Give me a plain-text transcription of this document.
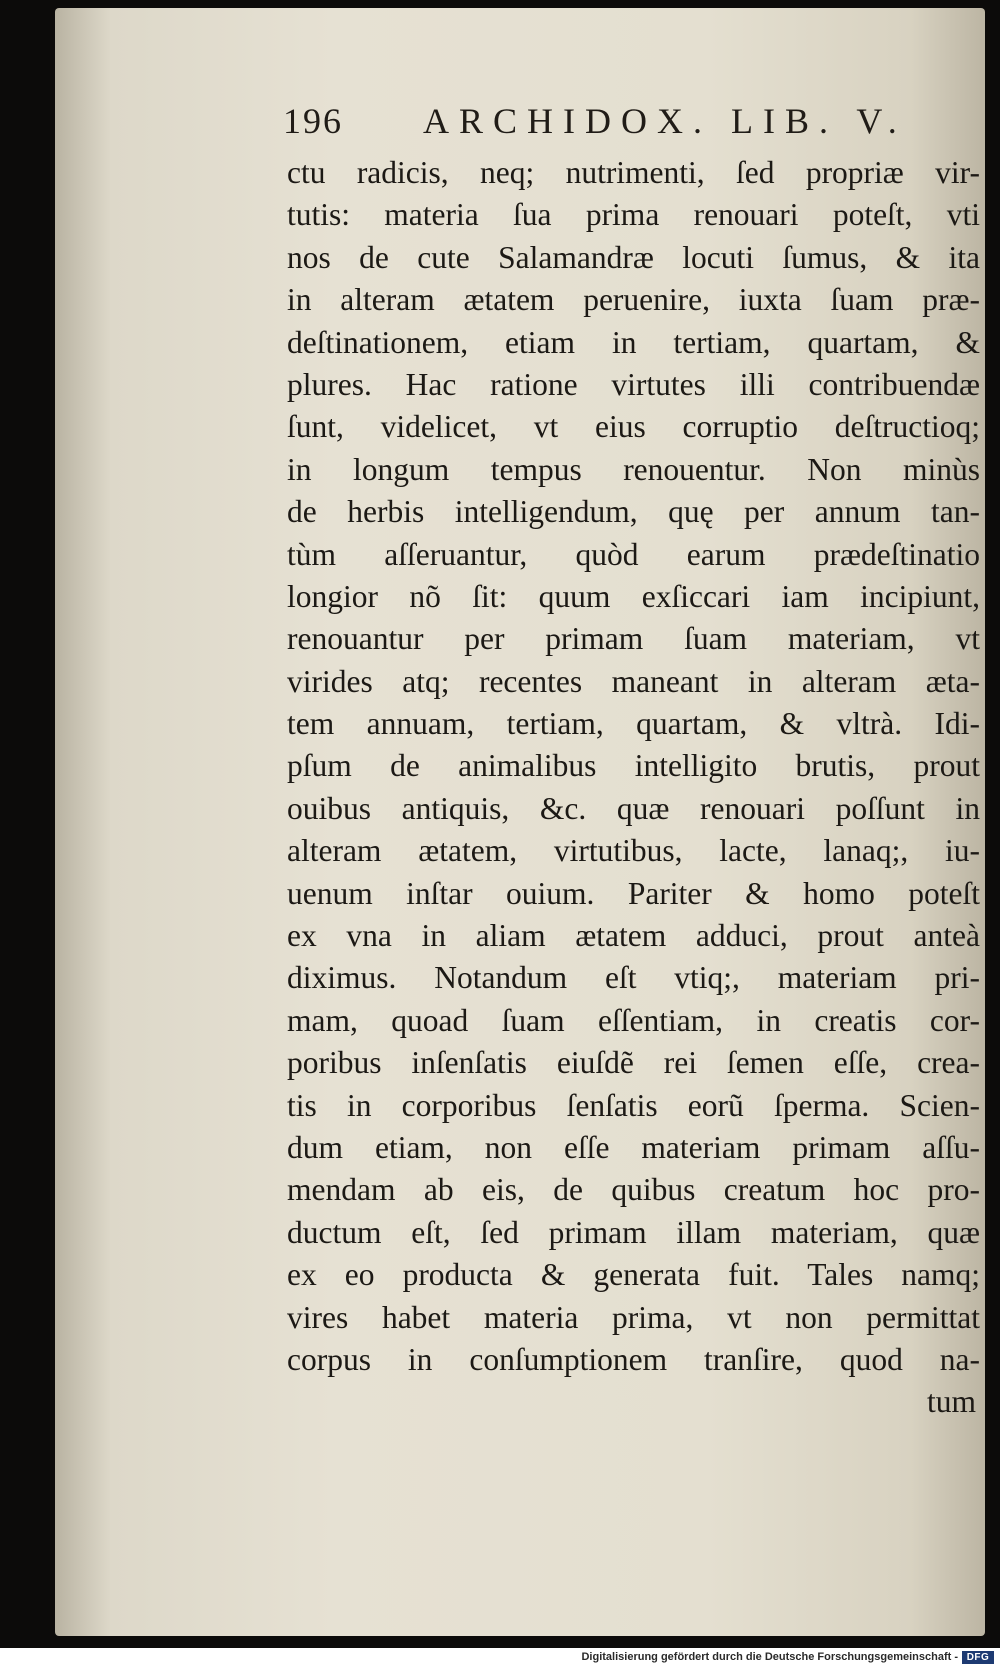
196 ARCHIDOX. LIB. V.
ctu radicis, neq; nutrimenti, ſed propriæ vir-
tutis: materia ſua prima renouari poteſt, vti
nos de cute Salamandræ locuti ſumus, & ita
in alteram ætatem peruenire, iuxta ſuam præ-
deſtinationem, etiam in tertiam, quartam, &
plures. Hac ratione virtutes illi contribuendæ
ſunt, videlicet, vt eius corruptio deſtructioq;
in longum tempus renouentur. Non minùs
de herbis intelligendum, quę per annum tan-
tùm aſſeruantur, quòd earum prædeſtinatio
longior nõ ſit: quum exſiccari iam incipiunt,
renouantur per primam ſuam materiam, vt
virides atq; recentes maneant in alteram æta-
tem annuam, tertiam, quartam, & vltrà. Idi-
pſum de animalibus intelligito brutis, prout
ouibus antiquis, &c. quæ renouari poſſunt in
alteram ætatem, virtutibus, lacte, lanaq;, iu-
uenum inſtar ouium. Pariter & homo poteſt
ex vna in aliam ætatem adduci, prout anteà
diximus. Notandum eſt vtiq;, materiam pri-
mam, quoad ſuam eſſentiam, in creatis cor-
poribus inſenſatis eiuſdẽ rei ſemen eſſe, crea-
tis in corporibus ſenſatis eorũ ſperma. Scien-
dum etiam, non eſſe materiam primam aſſu-
mendam ab eis, de quibus creatum hoc pro-
ductum eſt, ſed primam illam materiam, quæ
ex eo producta & generata fuit. Tales namq;
vires habet materia prima, vt non permittat
corpus in conſumptionem tranſire, quod na-
tum
Digitalisierung gefördert durch die Deutsche Forschungsgemeinschaft - DFG
